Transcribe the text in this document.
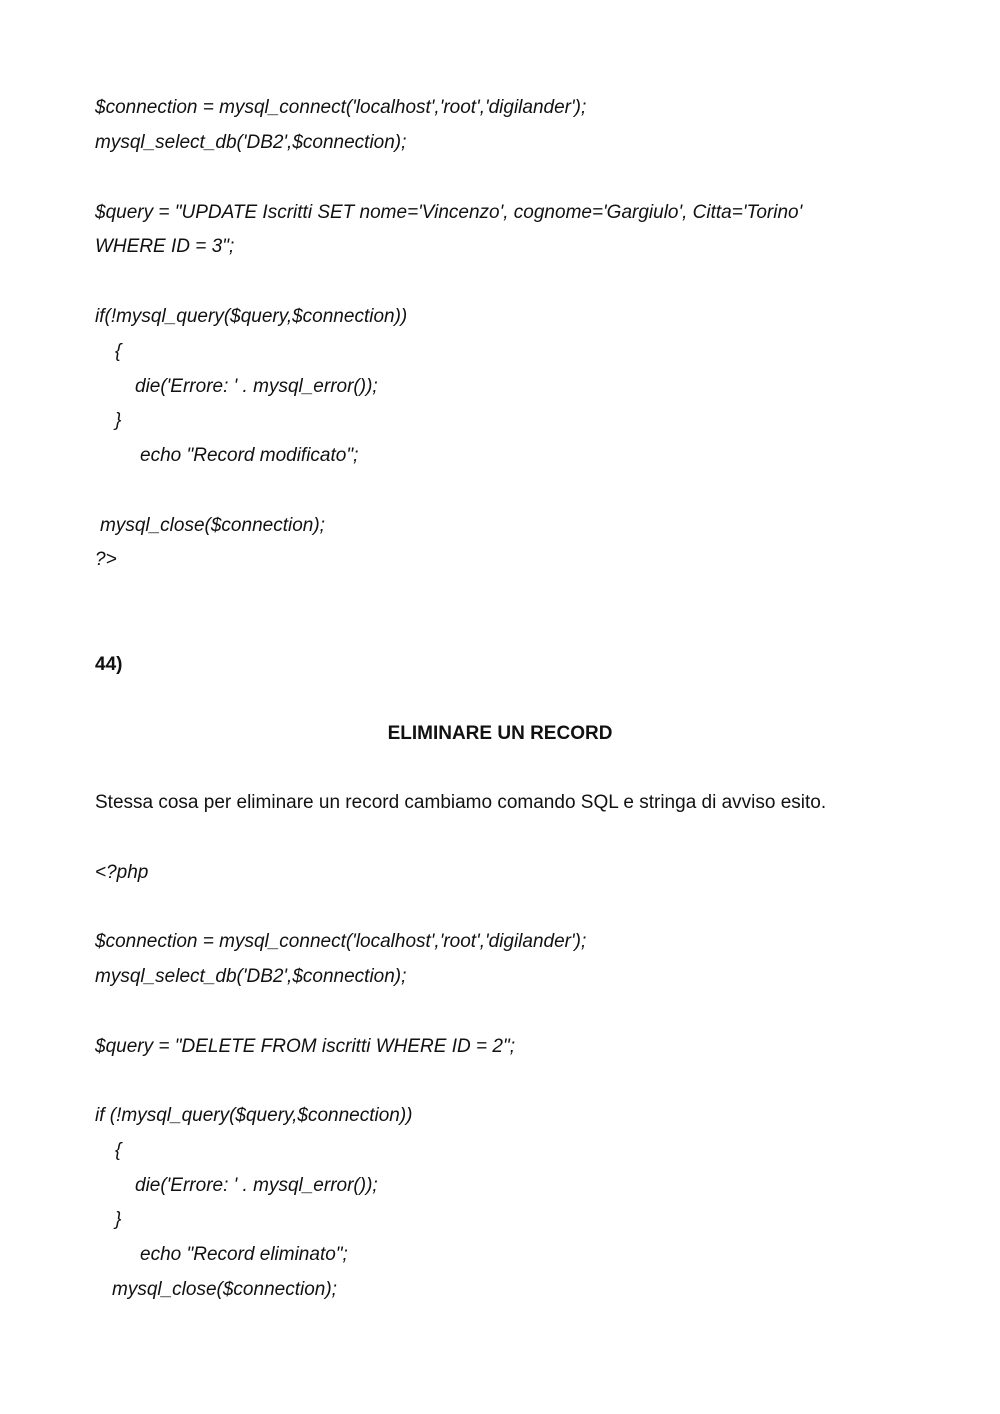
$connection = mysql_connect('localhost','root','digilander');
mysql_select_db('DB2',$connection);
$query = "UPDATE Iscritti SET nome='Vincenzo', cognome='Gargiulo', Citta='Torino'
WHERE ID = 3";
if(!mysql_query($query,$connection))
{
die('Errore: ' . mysql_error());
}
echo "Record modificato";
mysql_close($connection);
?>
44)
ELIMINARE UN RECORD
Stessa cosa per eliminare un record cambiamo comando SQL e stringa di avviso esito.
<?php
$connection = mysql_connect('localhost','root','digilander');
mysql_select_db('DB2',$connection);
$query = "DELETE FROM iscritti WHERE ID = 2";
if (!mysql_query($query,$connection))
{
die('Errore: ' . mysql_error());
}
echo "Record eliminato";
mysql_close($connection);
